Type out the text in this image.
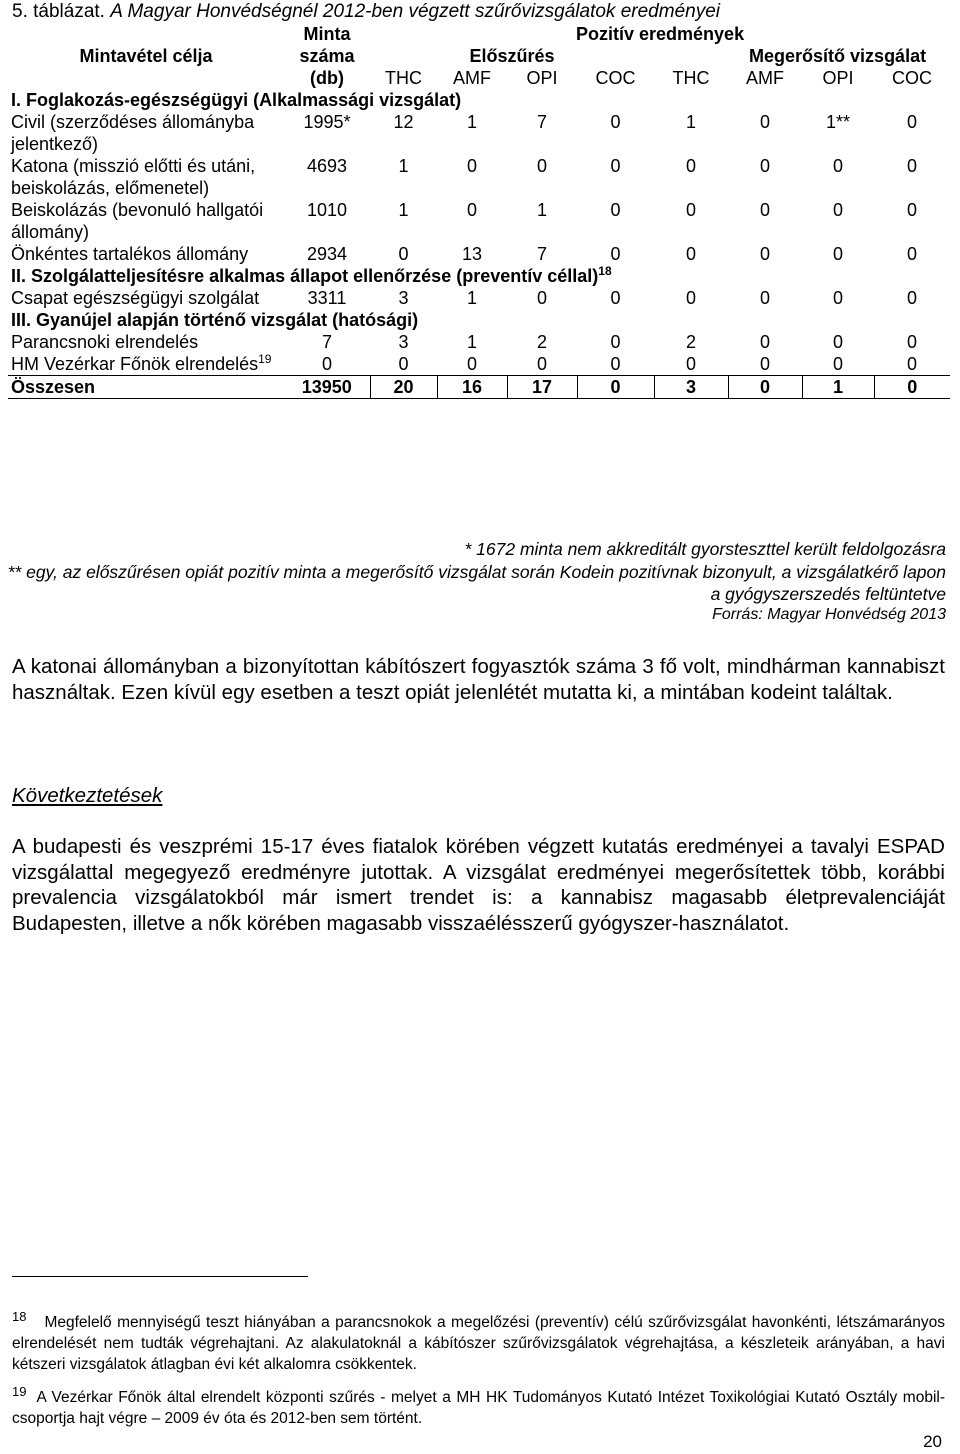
5. táblázat. A Magyar Honvédségnél 2012-ben végzett szűrővizsgálatok eredményei
Mintavétel célja	Minta	Pozitív eredmények							
	száma	Előszűrés				Megerősítő vizsgálat			
	(db)	THC	AMF	OPI	COC	THC	AMF	OPI	COC
I. Foglakozás-egészségügyi (Alkalmassági vizsgálat)									
Civil (szerződéses állományba jelentkező)	1995*	12	1	7	0	1	0	1**	0
Katona (misszió előtti és utáni, beiskolázás, előmenetel)	4693	1	0	0	0	0	0	0	0
Beiskolázás (bevonuló hallgatói állomány)	1010	1	0	1	0	0	0	0	0
Önkéntes tartalékos állomány	2934	0	13	7	0	0	0	0	0
II. Szolgálatteljesítésre alkalmas állapot ellenőrzése (preventív céllal)$^{18}$
Csapat egészségügyi szolgálat	3311	3	1	0	0	0	0	0	0
III. Gyanújel alapján történő vizsgálat (hatósági)									
Parancsnoki elrendelés	7	3	1	2	0	2	0	0	0
HM Vezérkar Főnök elrendelés$^{19}$	0	0	0	0	0	0	0	0	0
Összesen	13950	20	16	17	0	3	0	1	0
* 1672 minta nem akkreditált gyorsteszttel került feldolgozásra
** egy, az előszűrésen opiát pozitív minta a megerősítő vizsgálat során Kodein pozitívnak bizonyult, a vizsgálatkérő lapon a gyógyszerszedés feltüntetve
Forrás: Magyar Honvédség 2013
A katonai állományban a bizonyítottan kábítószert fogyasztók száma 3 fő volt, mindhárman kannabiszt használtak. Ezen kívül egy esetben a teszt opiát jelenlétét mutatta ki, a mintában kodeint találtak.
Következtetések
A budapesti és veszprémi 15-17 éves fiatalok körében végzett kutatás eredményei a tavalyi ESPAD vizsgálattal megegyező eredményre jutottak. A vizsgálat eredményei megerősítettek több, korábbi prevalencia vizsgálatokból már ismert trendet is: a kannabisz magasabb életprevalenciáját Budapesten, illetve a nők körében magasabb visszaélésszerű gyógyszer-használatot.
$^{18}$ Megfelelő mennyiségű teszt hiányában a parancsnokok a megelőzési (preventív) célú szűrővizsgálat havonkénti, létszámarányos elrendelését nem tudták végrehajtani. Az alakulatoknál a kábítószer szűrővizsgálatok végrehajtása, a készleteik arányában, a havi kétszeri vizsgálatok átlagban évi két alkalomra csökkentek.
$^{19}$ A Vezérkar Főnök által elrendelt központi szűrés - melyet a MH HK Tudományos Kutató Intézet Toxikológiai Kutató Osztály mobil-csoportja hajt végre – 2009 év óta és 2012-ben sem történt.
20
